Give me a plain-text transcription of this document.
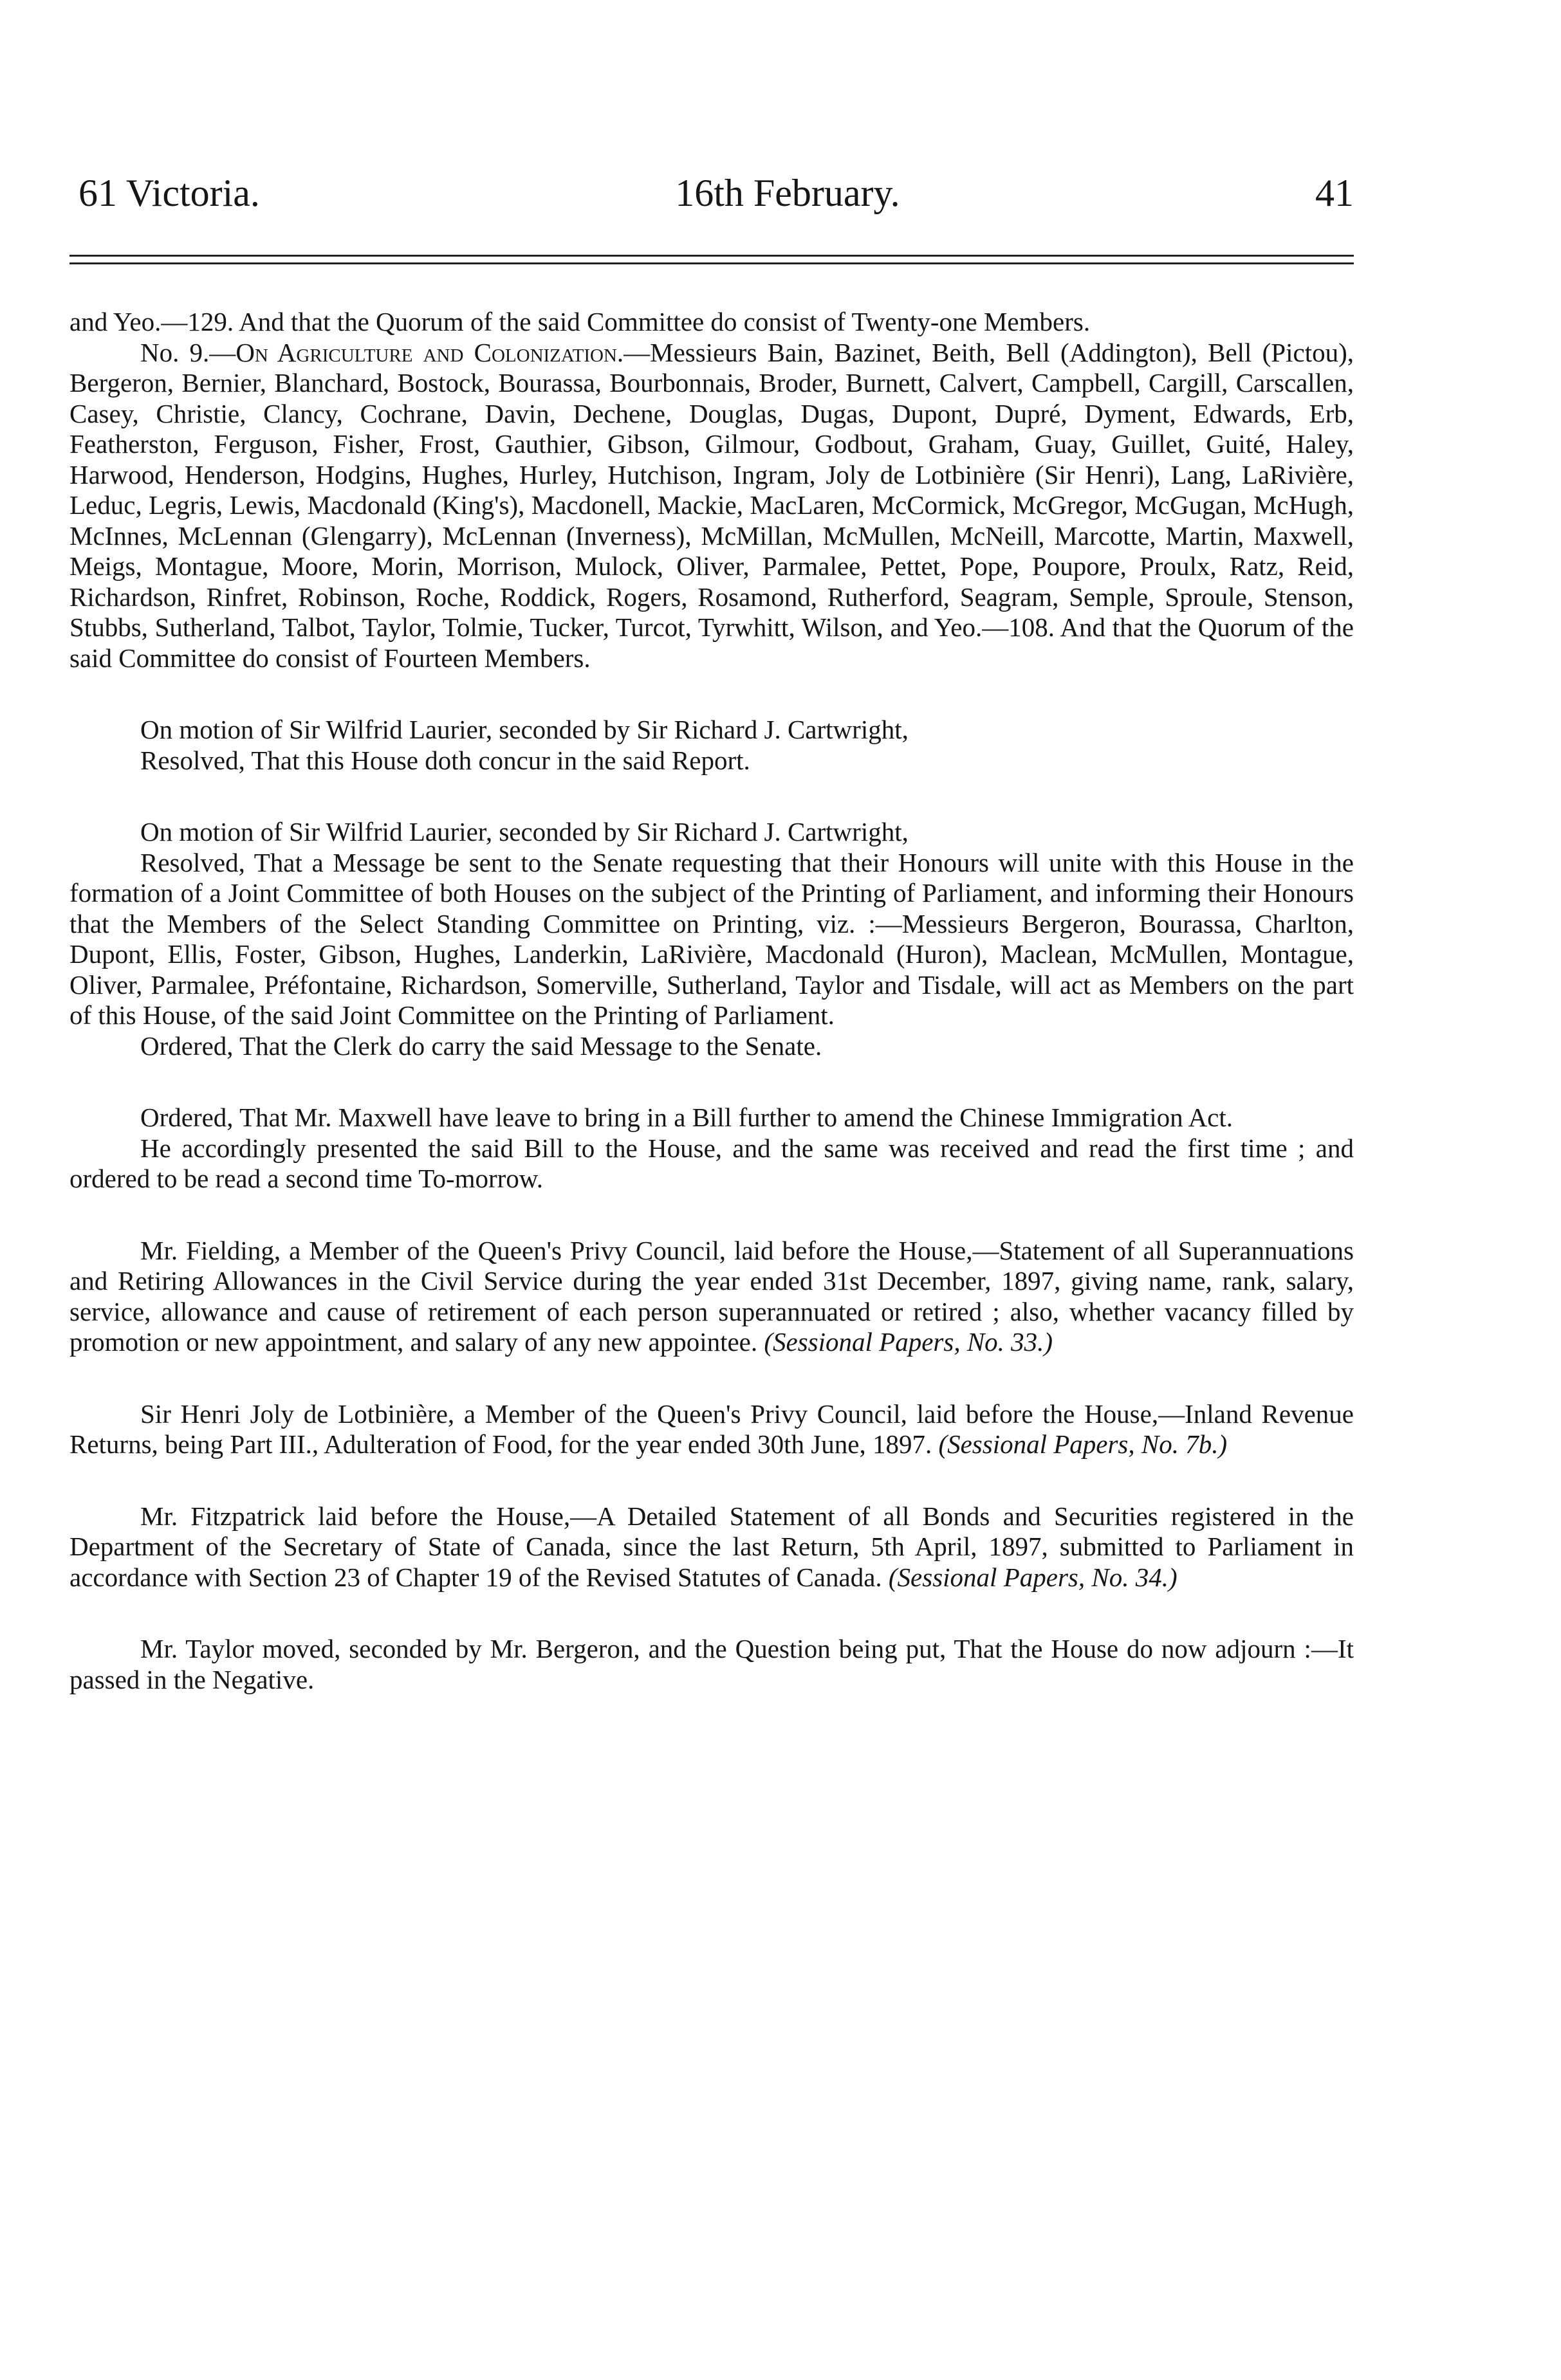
61 Victoria.	16th February.	41

and Yeo.—129. And that the Quorum of the said Committee do consist of Twenty-one Members.

No. 9.—On Agriculture and Colonization.—Messieurs Bain, Bazinet, Beith, Bell (Addington), Bell (Pictou), Bergeron, Bernier, Blanchard, Bostock, Bourassa, Bourbonnais, Broder, Burnett, Calvert, Campbell, Cargill, Carscallen, Casey, Christie, Clancy, Cochrane, Davin, Dechene, Douglas, Dugas, Dupont, Dupré, Dyment, Edwards, Erb, Featherston, Ferguson, Fisher, Frost, Gauthier, Gibson, Gilmour, Godbout, Graham, Guay, Guillet, Guité, Haley, Harwood, Henderson, Hodgins, Hughes, Hurley, Hutchison, Ingram, Joly de Lotbinière (Sir Henri), Lang, LaRivière, Leduc, Legris, Lewis, Macdonald (King's), Macdonell, Mackie, MacLaren, McCormick, McGregor, McGugan, McHugh, McInnes, McLennan (Glengarry), McLennan (Inverness), McMillan, McMullen, McNeill, Marcotte, Martin, Maxwell, Meigs, Montague, Moore, Morin, Morrison, Mulock, Oliver, Parmalee, Pettet, Pope, Poupore, Proulx, Ratz, Reid, Richardson, Rinfret, Robinson, Roche, Roddick, Rogers, Rosamond, Rutherford, Seagram, Semple, Sproule, Stenson, Stubbs, Sutherland, Talbot, Taylor, Tolmie, Tucker, Turcot, Tyrwhitt, Wilson, and Yeo.—108. And that the Quorum of the said Committee do consist of Fourteen Members.

On motion of Sir Wilfrid Laurier, seconded by Sir Richard J. Cartwright,

Resolved, That this House doth concur in the said Report.

On motion of Sir Wilfrid Laurier, seconded by Sir Richard J. Cartwright,

Resolved, That a Message be sent to the Senate requesting that their Honours will unite with this House in the formation of a Joint Committee of both Houses on the subject of the Printing of Parliament, and informing their Honours that the Members of the Select Standing Committee on Printing, viz. :—Messieurs Bergeron, Bourassa, Charlton, Dupont, Ellis, Foster, Gibson, Hughes, Landerkin, LaRivière, Macdonald (Huron), Maclean, McMullen, Montague, Oliver, Parmalee, Préfontaine, Richardson, Somerville, Sutherland, Taylor and Tisdale, will act as Members on the part of this House, of the said Joint Committee on the Printing of Parliament.

Ordered, That the Clerk do carry the said Message to the Senate.

Ordered, That Mr. Maxwell have leave to bring in a Bill further to amend the Chinese Immigration Act.

He accordingly presented the said Bill to the House, and the same was received and read the first time ; and ordered to be read a second time To-morrow.

Mr. Fielding, a Member of the Queen's Privy Council, laid before the House,—Statement of all Superannuations and Retiring Allowances in the Civil Service during the year ended 31st December, 1897, giving name, rank, salary, service, allowance and cause of retirement of each person superannuated or retired ; also, whether vacancy filled by promotion or new appointment, and salary of any new appointee. (Sessional Papers, No. 33.)

Sir Henri Joly de Lotbinière, a Member of the Queen's Privy Council, laid before the House,—Inland Revenue Returns, being Part III., Adulteration of Food, for the year ended 30th June, 1897. (Sessional Papers, No. 7b.)

Mr. Fitzpatrick laid before the House,—A Detailed Statement of all Bonds and Securities registered in the Department of the Secretary of State of Canada, since the last Return, 5th April, 1897, submitted to Parliament in accordance with Section 23 of Chapter 19 of the Revised Statutes of Canada. (Sessional Papers, No. 34.)

Mr. Taylor moved, seconded by Mr. Bergeron, and the Question being put, That the House do now adjourn :—It passed in the Negative.
